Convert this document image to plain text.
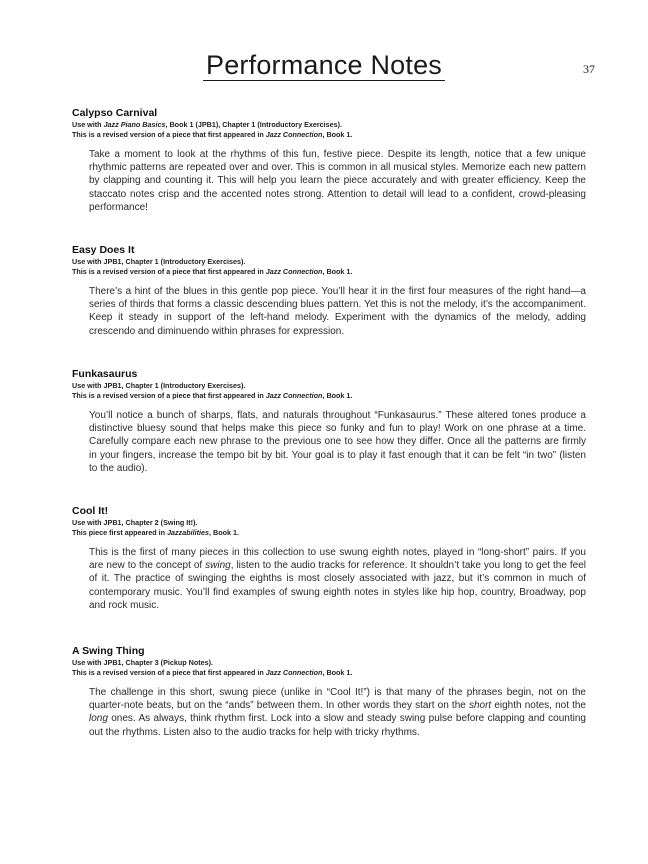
Performance Notes	37
Calypso Carnival
Use with Jazz Piano Basics, Book 1 (JPB1), Chapter 1 (Introductory Exercises).
This is a revised version of a piece that first appeared in Jazz Connection, Book 1.

Take a moment to look at the rhythms of this fun, festive piece. Despite its length, notice that a few unique rhythmic patterns are repeated over and over. This is common in all musical styles. Memorize each new pattern by clapping and counting it. This will help you learn the piece accurately and with greater efficiency. Keep the staccato notes crisp and the accented notes strong. Attention to detail will lead to a confident, crowd-pleasing performance!

Easy Does It
Use with JPB1, Chapter 1 (Introductory Exercises).
This is a revised version of a piece that first appeared in Jazz Connection, Book 1.

There’s a hint of the blues in this gentle pop piece. You’ll hear it in the first four measures of the right hand—a series of thirds that forms a classic descending blues pattern. Yet this is not the melody, it’s the accompaniment. Keep it steady in support of the left-hand melody. Experiment with the dynamics of the melody, adding crescendo and diminuendo within phrases for expression.

Funkasaurus
Use with JPB1, Chapter 1 (Introductory Exercises).
This is a revised version of a piece that first appeared in Jazz Connection, Book 1.

You’ll notice a bunch of sharps, flats, and naturals throughout “Funkasaurus.” These altered tones produce a distinctive bluesy sound that helps make this piece so funky and fun to play! Work on one phrase at a time. Carefully compare each new phrase to the previous one to see how they differ. Once all the patterns are firmly in your fingers, increase the tempo bit by bit. Your goal is to play it fast enough that it can be felt “in two” (listen to the audio).

Cool It!
Use with JPB1, Chapter 2 (Swing It!).
This piece first appeared in Jazzabilities, Book 1.

This is the first of many pieces in this collection to use swung eighth notes, played in “long-short” pairs. If you are new to the concept of swing, listen to the audio tracks for reference. It shouldn’t take you long to get the feel of it. The practice of swinging the eighths is most closely associated with jazz, but it’s common in much of contemporary music. You’ll find examples of swung eighth notes in styles like hip hop, country, Broadway, pop and rock music.

A Swing Thing
Use with JPB1, Chapter 3 (Pickup Notes).
This is a revised version of a piece that first appeared in Jazz Connection, Book 1.

The challenge in this short, swung piece (unlike in “Cool It!”) is that many of the phrases begin, not on the quarter-note beats, but on the “ands” between them. In other words they start on the short eighth notes, not the long ones. As always, think rhythm first. Lock into a slow and steady swing pulse before clapping and counting out the rhythms. Listen also to the audio tracks for help with tricky rhythms.
